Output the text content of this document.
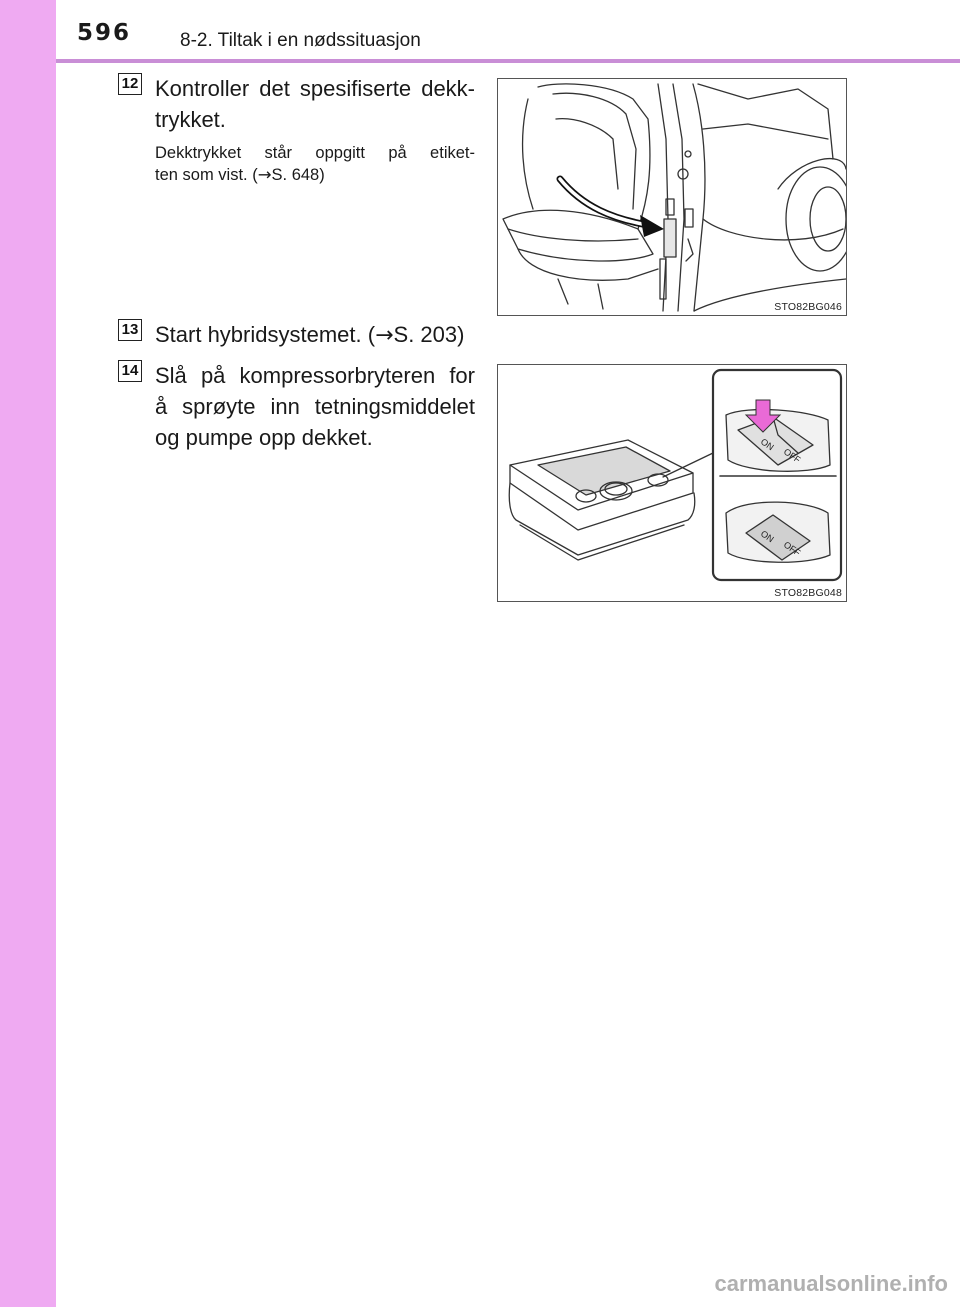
596	8-2. Tiltak i en nødssituasjon
12 Kontroller det spesifiserte dekk-
trykket.
Dekktrykket står oppgitt på etiket-
ten som vist. (→S. 648)
STO82BG046
13 Start hybridsystemet. (→S. 203)
14 Slå på kompressorbryteren for
å sprøyte inn tetningsmiddelet
og pumpe opp dekket.	ON
OFF
ON
OFF
STO82BG048
carmanualsonline.info
